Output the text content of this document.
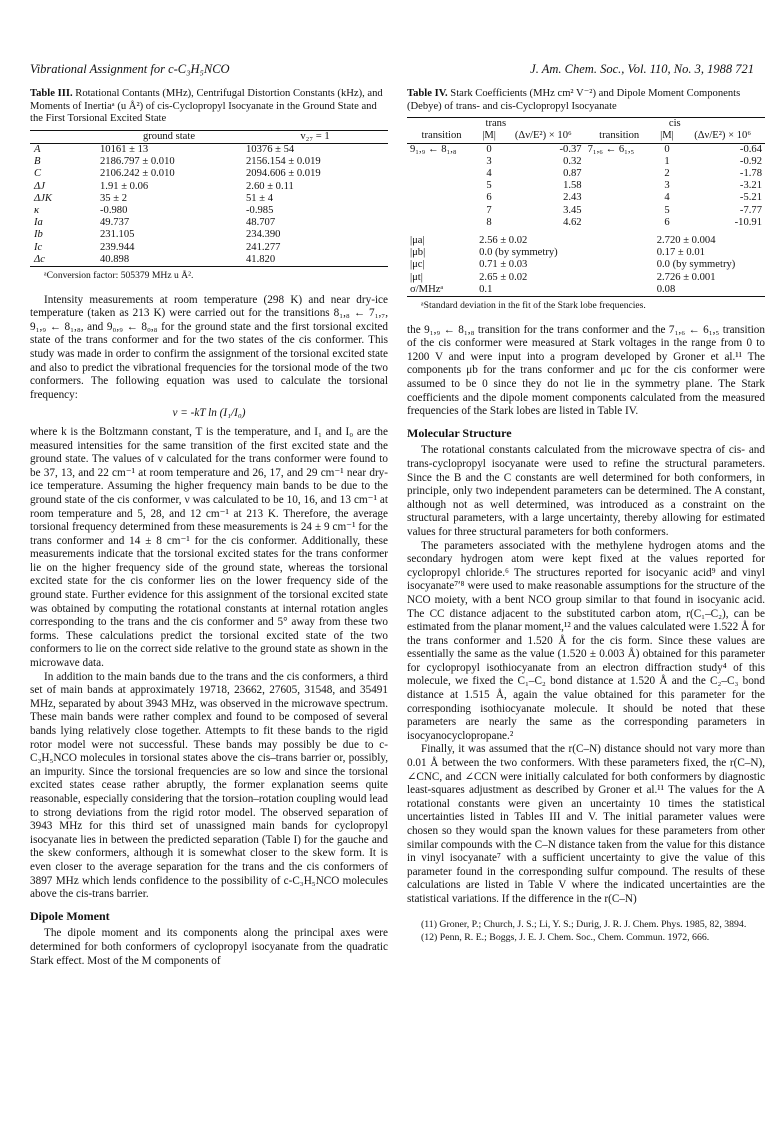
Vibrational Assignment for c-C₃H₅NCO	J. Am. Chem. Soc., Vol. 110, No. 3, 1988 721
Table III. Rotational Contants (MHz), Centrifugal Distortion Constants (kHz), and Moments of Inertiaᵃ (u Å²) of cis-Cyclopropyl Isocyanate in the Ground State and the First Torsional Excited State
	ground state	v₂₇ = 1
A	10161 ± 13	10376 ± 54
B	2186.797 ± 0.010	2156.154 ± 0.019
C	2106.242 ± 0.010	2094.606 ± 0.019
ΔJ	1.91 ± 0.06	2.60 ± 0.11
ΔJK	35 ± 2	51 ± 4
κ	-0.980	-0.985
Ia	49.737	48.707
Ib	231.105	234.390
Ic	239.944	241.277
Δc	40.898	41.820
ᵃConversion factor: 505379 MHz u Å².

Intensity measurements at room temperature (298 K) and near dry-ice temperature (taken as 213 K) were carried out for the transitions 8₁,₈ ← 7₁,₇, 9₁,₉ ← 8₁,₈, and 9₀,₉ ← 8₀,₈ for the ground state and the first torsional excited state of the trans conformer and for the two states of the cis conformer. This study was made in order to confirm the assignment of the torsional excited state and also to predict the vibrational frequencies for the torsional mode of the two conformers. The following equation was used to calculate the torsional frequency:

ν = -kT ln (I₁/I₀)

where k is the Boltzmann constant, T is the temperature, and I₁ and I₀ are the measured intensities for the same transition of the first excited state and the ground state. The values of ν calculated for the trans conformer were found to be 37, 13, and 22 cm⁻¹ at room temperature and 26, 17, and 29 cm⁻¹ near dry-ice temperature. Assuming the higher frequency main bands to be due to the ground state of the cis conformer, ν was calculated to be 10, 16, and 13 cm⁻¹ at room temperature and 5, 28, and 12 cm⁻¹ at 213 K. Therefore, the average torsional frequency determined from these measurements is 24 ± 9 cm⁻¹ for the trans conformer and 14 ± 8 cm⁻¹ for the cis conformer. Additionally, these measurements indicate that the torsional excited states for the trans conformer lie on the higher frequency side of the ground state, whereas the torsional excited state for the cis conformer lies on the lower frequency side of the ground state. Further evidence for this assignment of the torsional excited state was obtained by computing the rotational constants at internal rotation angles corresponding to the trans and the cis conformer and 5° away from these two forms. These calculations predict the torsional excited state of the two conformers to lie on the correct side relative to the ground state as shown in the microwave data.

In addition to the main bands due to the trans and the cis conformers, a third set of main bands at approximately 19718, 23662, 27605, 31548, and 35491 MHz, separated by about 3943 MHz, was observed in the microwave spectrum. These main bands were rather complex and found to be composed of several bands lying relatively close together. Attempts to fit these bands to the rigid rotor model were not successful. These bands may possibly be due to c-C₃H₅NCO molecules in torsional states above the cis–trans barrier or, possibly, an impurity. Since the torsional frequencies are so low and since the torsional excited states cease rather abruptly, the former explanation seems quite reasonable, especially considering that the torsion–rotation coupling would lead to strong deviations from the rigid rotor model. The observed separation of 3943 MHz for this third set of unassigned main bands for cyclopropyl isocyanate lies in between the predicted separation (Table I) for the gauche and the skew conformers, although it is somewhat closer to the skew form. It is even closer to the average separation for the trans and the cis conformers of 3897 MHz which lends confidence to the possibility of c-C₃H₅NCO molecules above the cis-trans barrier.

Dipole Moment

The dipole moment and its components along the principal axes were determined for both conformers of cyclopropyl isocyanate from the quadratic Stark effect. Most of the M components of

Table IV. Stark Coefficients (MHz cm² V⁻²) and Dipole Moment Components (Debye) of trans- and cis-Cyclopropyl Isocyanate
trans			cis		
transition	|M|	(Δν/E²) × 10⁶	transition	|M|	(Δν/E²) × 10⁶
9₁,₉ ← 8₁,₈	0	-0.37	7₁,₆ ← 6₁,₅	0	-0.64
	3	0.32		1	-0.92
	4	0.87		2	-1.78
	5	1.58		3	-3.21
	6	2.43		4	-5.21
	7	3.45		5	-7.77
	8	4.62		6	-10.91

|μa|	2.56 ± 0.02			2.720 ± 0.004	
|μb|	0.0 (by symmetry)			0.17 ± 0.01	
|μc|	0.71 ± 0.03			0.0 (by symmetry)	
|μt|	2.65 ± 0.02			2.726 ± 0.001	
σ/MHzᵃ	0.1			0.08	
ᵃStandard deviation in the fit of the Stark lobe frequencies.

the 9₁,₉ ← 8₁,₈ transition for the trans conformer and the 7₁,₆ ← 6₁,₅ transition of the cis conformer were measured at Stark voltages in the range from 0 to 1200 V and were input into a program developed by Groner et al.¹¹ The components μb for the trans conformer and μc for the cis conformer were assumed to be 0 since they do not lie in the symmetry plane. The Stark coefficients and the dipole moment components calculated from the measured frequencies of the Stark lobes are listed in Table IV.

Molecular Structure

The rotational constants calculated from the microwave spectra of cis- and trans-cyclopropyl isocyanate were used to refine the structural parameters. Since the B and the C constants are well determined for both conformers, in principle, only two independent parameters can be determined. The A constant, although not as well determined, was introduced as a constraint on the structural parameters, with a large uncertainty, thereby allowing for estimated values for three structural parameters for both conformers.

The parameters associated with the methylene hydrogen atoms and the secondary hydrogen atom were kept fixed at the values reported for cyclopropyl chloride.⁶ The structures reported for isocyanic acid⁹ and vinyl isocyanate⁷ʹ⁸ were used to make reasonable assumptions for the structure of the NCO moiety, with a bent NCO group similar to that found in isocyanic acid. The CC distance adjacent to the substituted carbon atom, r(C₁–C₂), can be estimated from the planar moment,¹² and the values calculated were 1.522 Å for the trans conformer and 1.520 Å for the cis form. Since these values are essentially the same as the value (1.520 ± 0.003 Å) obtained for this parameter for cyclopropyl isothiocyanate from an electron diffraction study⁴ of this molecule, we fixed the C₁–C₂ bond distance at 1.520 Å and the C₂–C₃ bond distance at 1.515 Å, again the value obtained for this parameter for the corresponding isothiocyanate molecule. It should be noted that these parameters are nearly the same as the corresponding parameters in isocyanocyclopropane.²

Finally, it was assumed that the r(C–N) distance should not vary more than 0.01 Å between the two conformers. With these parameters fixed, the r(C–N), ∠CNC, and ∠CCN were initially calculated for both conformers by diagnostic least-squares adjustment as described by Groner et al.¹¹ The values for the A rotational constants were given an uncertainty 10 times the statistical uncertainties listed in Tables III and V. The initial parameter values were chosen so they would span the known values for these parameters from other similar compounds with the C–N distance taken from the value for this distance in vinyl isocyanate⁷ with a sufficient uncertainty to give the value of this parameter found in the corresponding sulfur compound. The results of these calculations are listed in Table V where the indicated uncertainties are the statistical variations. If the difference in the r(C–N)

(11) Groner, P.; Church, J. S.; Li, Y. S.; Durig, J. R. J. Chem. Phys. 1985, 82, 3894.
(12) Penn, R. E.; Boggs, J. E. J. Chem. Soc., Chem. Commun. 1972, 666.
